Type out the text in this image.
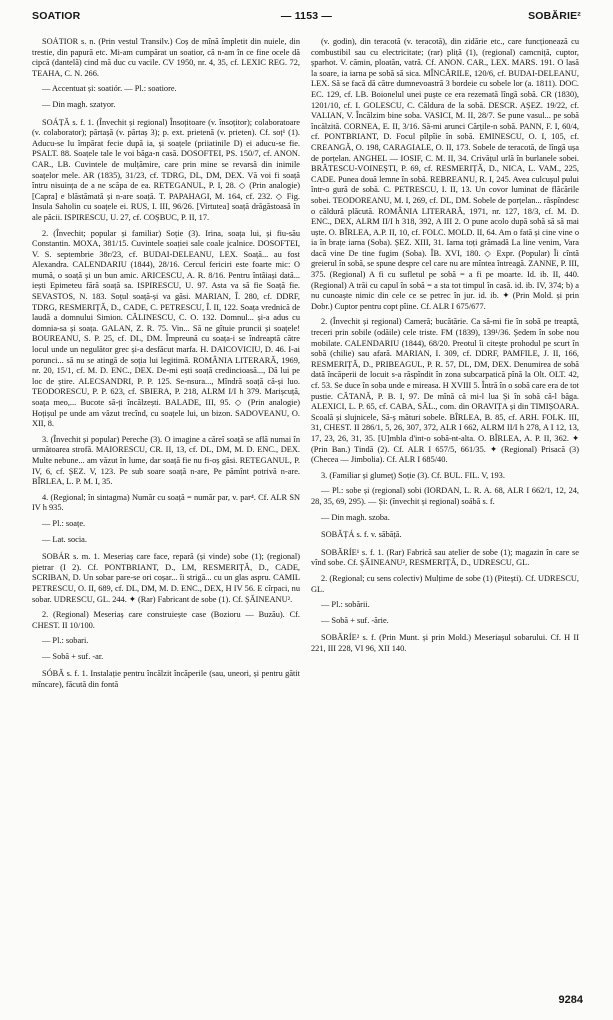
SOATIOR	— 1153 —	SOBĂRIE²

SOÁTIOR s. n. (Prin vestul Transilv.) Coș de mînă împletit din nuiele, din trestie, din papură etc. Mi-am cumpărat un soatior, că n-am în ce fine ocele dă cipcă (dantelă) cind mă duc cu vacile. CV 1950, nr. 4, 35, cf. LEXIC REG. 72, TEAHA, C. N. 266.

— Accentuat și: soatiór. — Pl.: soatiore.

— Din magh. szatyor.

SOÁȚĂ s. f. 1. (Învechit și regional) Însoțitoare (v. însoțitor); colaboratoare (v. colaborator); părtașă (v. părtaș 3); p. ext. prietenă (v. prieten). Cf. soț¹ (1). Aducu-se lu împărat fecie după ia, și soațele (priiatinile D) ei aducu-se fie. PSALT. 88. Soațele tale le voi băga-n casă. DOSOFTEI, PS. 150/7, cf. ANON. CAR., LB. Cuvintele de mulțămire, care prin mine se revarsă din inimile soațelor mele. AR (1835), 31/23, cf. TDRG, DL, DM, DEX. Vă voi fi soață întru nisuința de a ne scăpa de ea. RETEGANUL, P. I, 28. ◇ (Prin analogie) [Capra] e blăstămată și n-are soață. T. PAPAHAGI, M. 164, cf. 232. ◇ Fig. Insula Saholin cu soațele ei. RUS, I. III, 96/26. [Virtutea] soață drăgăstoasă în ale păcii. ISPIRESCU, U. 27, cf. COȘBUC, P. II, 17.

2. (Învechit; popular și familiar) Soție (3). Irina, soața lui, și fiu-său Constantin. MOXA, 381/15. Cuvintele soației sale coale jcalnice. DOSOFTEI, V. S. septembrie 38r/23, cf. BUDAI-DELEANU, LEX. Soață... au fost Alexandra. CALENDARIU (1844), 28/16. Cercul fericiri este foarte mic: O mumă, o soață și un bun amic. ARICESCU, A. R. 8/16. Pentru întâiași dată... iești Epimeteu fără soață sa. ISPIRESCU, U. 97. Asta va să fie Soață fie. SEVASTOS, N. 183. Soțul soață-și va găsi. MARIAN, Î. 280, cf. DDRF, TDRG, RESMERIȚĂ, D., CADE, C. PETRESCU, Î. II, 122. Soața vrednică de laudă a domnului Simion. CĂLINESCU, C. O. 132. Domnul... și-a adus cu domnia-sa și soața. GALAN, Z. R. 75. Vin... Să ne gîtuie pruncii și soațele! BOUREANU, S. P. 25, cf. DL, DM. Împreună cu soața-i se îndreaptă către locul unde un negulător grec și-a desfăcut marfa. H. DAICOVICIU, D. 46. I-ai porunci... să nu se atingă de soția lui legitimă. ROMÂNIA LITERARĂ, 1969, nr. 20, 15/1, cf. M. D. ENC., DEX. De-mi ești soață credincioasă..., Dă lui pe loc de știre. ALECSANDRI, P. P. 125. Se-nsura..., Mîndră soață că-și luo. TEODORESCU, P. P. 623, cf. SBIERA, P. 218, ALRM I/I h 379. Marișcuță, soața meo,... Bucote să-ți încălzești. BALADE, III, 95. ◇ (Prin analogie) Hoțișul pe unde am văzut trecînd, cu soațele lui, un bizon. SADOVEANU, O. XII, 8.

3. (Învechit și popular) Pereche (3). O imagine a căreî soață se află numai în următoarea strofă. MAIORESCU, CR. II, 13, cf. DL, DM, M. D. ENC., DEX. Multe nebune... am văzut în lume, dar soață fie nu fi-oș găsi. RETEGANUL, P. IV, 6, cf. ȘEZ. V, 123. Pe sub soare soață n-are, Pe pămînt potrivă n-are. BÎRLEA, L. P. M. I, 35.

4. (Regional; în sintagma) Număr cu soață = număr par, v. par⁴. Cf. ALR SN IV h 935.

— Pl.: soațe.

— Lat. socia.

SOBÁR s. m. 1. Meseriaș care face, repară (și vinde) sobe (1); (regional) pietrar (I 2). Cf. PONTBRIANT, D., LM, RESMERIȚĂ, D., CADE, SCRIBAN, D. Un sobar pare-se ori coșar... îi strigă... cu un glas aspru. CAMIL PETRESCU, O. II, 689, cf. DL, DM, M. D. ENC., DEX, H IV 56. E cîrpaci, nu sobar. UDRESCU, GL. 244. ✦ (Rar) Fabricant de sobe (1). Cf. ȘĂINEANU².

2. (Regional) Meseriaș care construiește case (Bozioru — Buzău). Cf. CHEST. II 10/100.

— Pl.: sobari.

— Sobă + suf. -ar.

SÓBĂ s. f. 1. Instalație pentru încălzit încăperile (sau, uneori, și pentru gătit mîncare), făcută din fontă

(v. godin), din teracotă (v. teracotă), din zidărie etc., care funcționează cu combustibil sau cu electricitate; (rar) pliță (1), (regional) camcniță, cuptor, șparhot. V. cămin, ploatăn, vatră. Cf. ANON. CAR., LEX. MARS. 191. O lasă la soare, ia iarna pe sobă să sica. MÎNCĂRILE, 120/6, cf. BUDAI-DELEANU, LEX. Să se facă dă către dumnevoastră 3 bordeie cu sobele lor (a. 1811). DOC. EC. 129, cf. LB. Boionelul unei puște ce era rezemată lîngă sobă. CR (1830), 1201/10, cf. I. GOLESCU, C. Căldura de la sobă. DESCR. AȘEZ. 19/22, cf. VALIAN, V. Încălzim bine soba. VASICI, M. II, 28/7. Se pune vasul... pe sobă încălzită. CORNEA, E. II, 3/16. Să-mi arunci Cărțile-n sobă. PANN, F. I, 60/4, cf. PONTBRIANT, D. Focul pîlpîie în sobă. EMINESCU, O. I, 105, cf. CREANGĂ, O. 198, CARAGIALE, O. II, 173. Sobele de teracotă, de lîngă ușa de porțelan. ANGHEL — IOSIF, C. M. II, 34. Crivățul urlă în burlanele sobei. BRĂTESCU-VOINEȘTI, P. 69, cf. RESMERIȚĂ, D., NICA, L. VAM., 225, CADE. Punea două lemne în sobă. REBREANU, R. I, 245. Avea culcușul pului într-o gură de sobă. C. PETRESCU, I. II, 13. Un covor luminat de flăcările sobei. TEODOREANU, M. I, 269, cf. DL, DM. Sobele de porțelan... răspîndesc o căldură plăcută. ROMÂNIA LITERARĂ, 1971, nr. 127, 18/3, cf. M. D. ENC., DEX, ALRM II/I h 318, 392, A III 2. O pune acolo după sobă să să mai uște. O. BÎRLEA, A.P. II, 10, cf. FOLC. MOLD. II, 64. Am o fată și cine vine o ia în brațe iarna (Soba). ȘEZ. XIII, 31. Iarna toți grămadă La line venim, Vara dacă vine De tine fugim (Soba). ÎB. XVI, 180. ◇ Expr. (Popular) Îi cîntă greierul în sobă, se spune despre cel care nu are mîntea întreagă. ZANNE, P. III, 375. (Regional) A fi cu sufletul pe sobă = a fi pe moarte. Id. ib. II, 440. (Regional) A trăi cu capul în sobă = a sta tot timpul în casă. id. ib. IV, 374; b) a nu cunoaște nimic din cele ce se petrec în jur. id. ib. ✦ (Prin Mold. și prin Dobr.) Cuptor pentru copt pîine. Cf. ALR I 675/677.

2. (Învechit și regional) Cameră; bucătărie. Ca să-mi fie în sobă pe treaptă, treceri prin sobile (odăile) cele triste. FM (1839), 139¹/36. Ședem în sobe nou mobilate. CALENDARIU (1844), 68/20. Preotul îi citește prohodul pe scurt în sobă (chilie) sau afară. MARIAN, I. 309, cf. DDRF, PAMFILE, J. II, 166, RESMERIȚĂ, D., PRIBEAGUL, P. R. 57, DL, DM, DEX. Denumirea de sobă dată încăperii de locuit s-a răspîndit în zona subcarpatică pînă la Olt. OLT. 42, cf. 53. Se duce în soba unde e mireasa. H XVIII 5. Întră în o sobă care era de tot pustie. CĂTANĂ, P. B. I, 97. De mînă că mi-l lua Și în sobă că-l băga. ALEXICI, L. P. 65, cf. CABA, SĂL., com. din ORAVIȚA și din TIMIȘOARA. Scoală și slujnicele, Să-ș mături sobele. BÎRLEA, B. 85, cf. ARH. FOLK. III, 31, CHEST. II 286/1, 5, 26, 307, 372, ALR I 662, ALRM II/I h 278, A I 12, 13, 17, 23, 26, 31, 35. [U]mbla d'int-o sobă-nt-alta. O. BÎRLEA, A. P. II, 362. ✦ (Prin Ban.) Tindă (2). Cf. ALR I 657/5, 661/35. ✦ (Regional) Prisacă (3) (Checea — Jimbolia). Cf. ALR I 685/40.

3. (Familiar și glumeț) Soție (3). Cf. BUL. FIL. V, 193.

— Pl.: sobe și (regional) sobi (IORDAN, L. R. A. 68, ALR I 662/1, 12, 24, 28, 35, 69, 295). — Și: (învechit și regional) soábă s. f.

— Din magh. szoba.

SOBĂȚÁ s. f. v. săbăță.

SOBĂRÍE¹ s. f. 1. (Rar) Fabrică sau atelier de sobe (1); magazin în care se vînd sobe. Cf. ȘĂINEANU², RESMERIȚĂ, D., UDRESCU, GL.

2. (Regional; cu sens colectiv) Mulțime de sobe (1) (Pitești). Cf. UDRESCU, GL.

— Pl.: sobării.

— Sobă + suf. -ărie.

SOBĂRÍE² s. f. (Prin Munt. și prin Mold.) Meseriașul sobarului. Cf. H II 221, III 228, VI 96, XII 140.

9284
